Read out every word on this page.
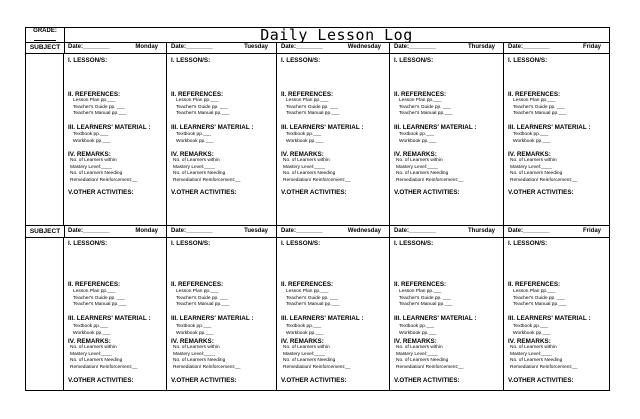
GRADE:	Daily Lesson Log
SUBJECT	Date:________	Monday Date:________	Tuesday Date:________	Wednesday Date:________	Thursday Date:________	Friday
I. LESSON/S:
II. REFERENCES:
Lesson Plan pp.___
Teacher's Guide pp. ___
Teacher's Manual pp.___
III. LEARNERS' MATERIAL :
Textbook pp.___
Workbook pp.___
IV. REMARKS:
No. of Learners within
Mastery Level:____
No. of Learners Needing
Remediation/ Reinforcement:__
V.OTHER ACTIVITIES:
I. LESSON/S:
II. REFERENCES:
Lesson Plan pp.___
Teacher's Guide pp. ___
Teacher's Manual pp.___
III. LEARNERS' MATERIAL :
Textbook pp.___
Workbook pp.___
IV. REMARKS:
No. of Learners within
Mastery Level:____
No. of Learners Needing
Remediation/ Reinforcement:__
V.OTHER ACTIVITIES:
I. LESSON/S:
II. REFERENCES:
Lesson Plan pp.___
Teacher's Guide pp. ___
Teacher's Manual pp.___
III. LEARNERS' MATERIAL :
Textbook pp.___
Workbook pp.___
IV. REMARKS:
No. of Learners within
Mastery Level:____
No. of Learners Needing
Remediation/ Reinforcement:__
V.OTHER ACTIVITIES:
I. LESSON/S:
II. REFERENCES:
Lesson Plan pp.___
Teacher's Guide pp. ___
Teacher's Manual pp.___
III. LEARNERS' MATERIAL :
Textbook pp.___
Workbook pp.___
IV. REMARKS:
No. of Learners within
Mastery Level:____
No. of Learners Needing
Remediation/ Reinforcement:__
V.OTHER ACTIVITIES:
I. LESSON/S:
II. REFERENCES:
Lesson Plan pp.___
Teacher's Guide pp. ___
Teacher's Manual pp.___
III. LEARNERS' MATERIAL :
Textbook pp.___
Workbook pp.___
IV. REMARKS:
No. of Learners within
Mastery Level:____
No. of Learners Needing
Remediation/ Reinforcement:__
V.OTHER ACTIVITIES:
SUBJECT	Date:________	Monday Date:________	Tuesday Date:________	Wednesday Date:________	Thursday Date:________	Friday
I. LESSON/S:
II. REFERENCES:
Lesson Plan pp.___
Teacher's Guide pp. ___
Teacher's Manual pp.___
III. LEARNERS' MATERIAL :
Textbook pp.___
Workbook pp.___
IV. REMARKS:
No. of Learners within
Mastery Level:____
No. of Learners Needing
Remediation/ Reinforcement:__
V.OTHER ACTIVITIES:
I. LESSON/S:
II. REFERENCES:
Lesson Plan pp.___
Teacher's Guide pp. ___
Teacher's Manual pp.___
III. LEARNERS' MATERIAL :
Textbook pp.___
Workbook pp.___
IV. REMARKS:
No. of Learners within
Mastery Level:____
No. of Learners Needing
Remediation/ Reinforcement:__
V.OTHER ACTIVITIES:
I. LESSON/S:
II. REFERENCES:
Lesson Plan pp.___
Teacher's Guide pp. ___
Teacher's Manual pp.___
III. LEARNERS' MATERIAL :
Textbook pp.___
Workbook pp.___
IV. REMARKS:
No. of Learners within
Mastery Level:____
No. of Learners Needing
Remediation/ Reinforcement:__
V.OTHER ACTIVITIES:
I. LESSON/S:
II. REFERENCES:
Lesson Plan pp.___
Teacher's Guide pp. ___
Teacher's Manual pp.___
III. LEARNERS' MATERIAL :
Textbook pp.___
Workbook pp.___
IV. REMARKS:
No. of Learners within
Mastery Level:____
No. of Learners Needing
Remediation/ Reinforcement:__
V.OTHER ACTIVITIES:
I. LESSON/S:
II. REFERENCES:
Lesson Plan pp.___
Teacher's Guide pp. ___
Teacher's Manual pp.___
III. LEARNERS' MATERIAL :
Textbook pp.___
Workbook pp.___
IV. REMARKS:
No. of Learners within
Mastery Level:____
No. of Learners Needing
Remediation/ Reinforcement:__
V.OTHER ACTIVITIES:
